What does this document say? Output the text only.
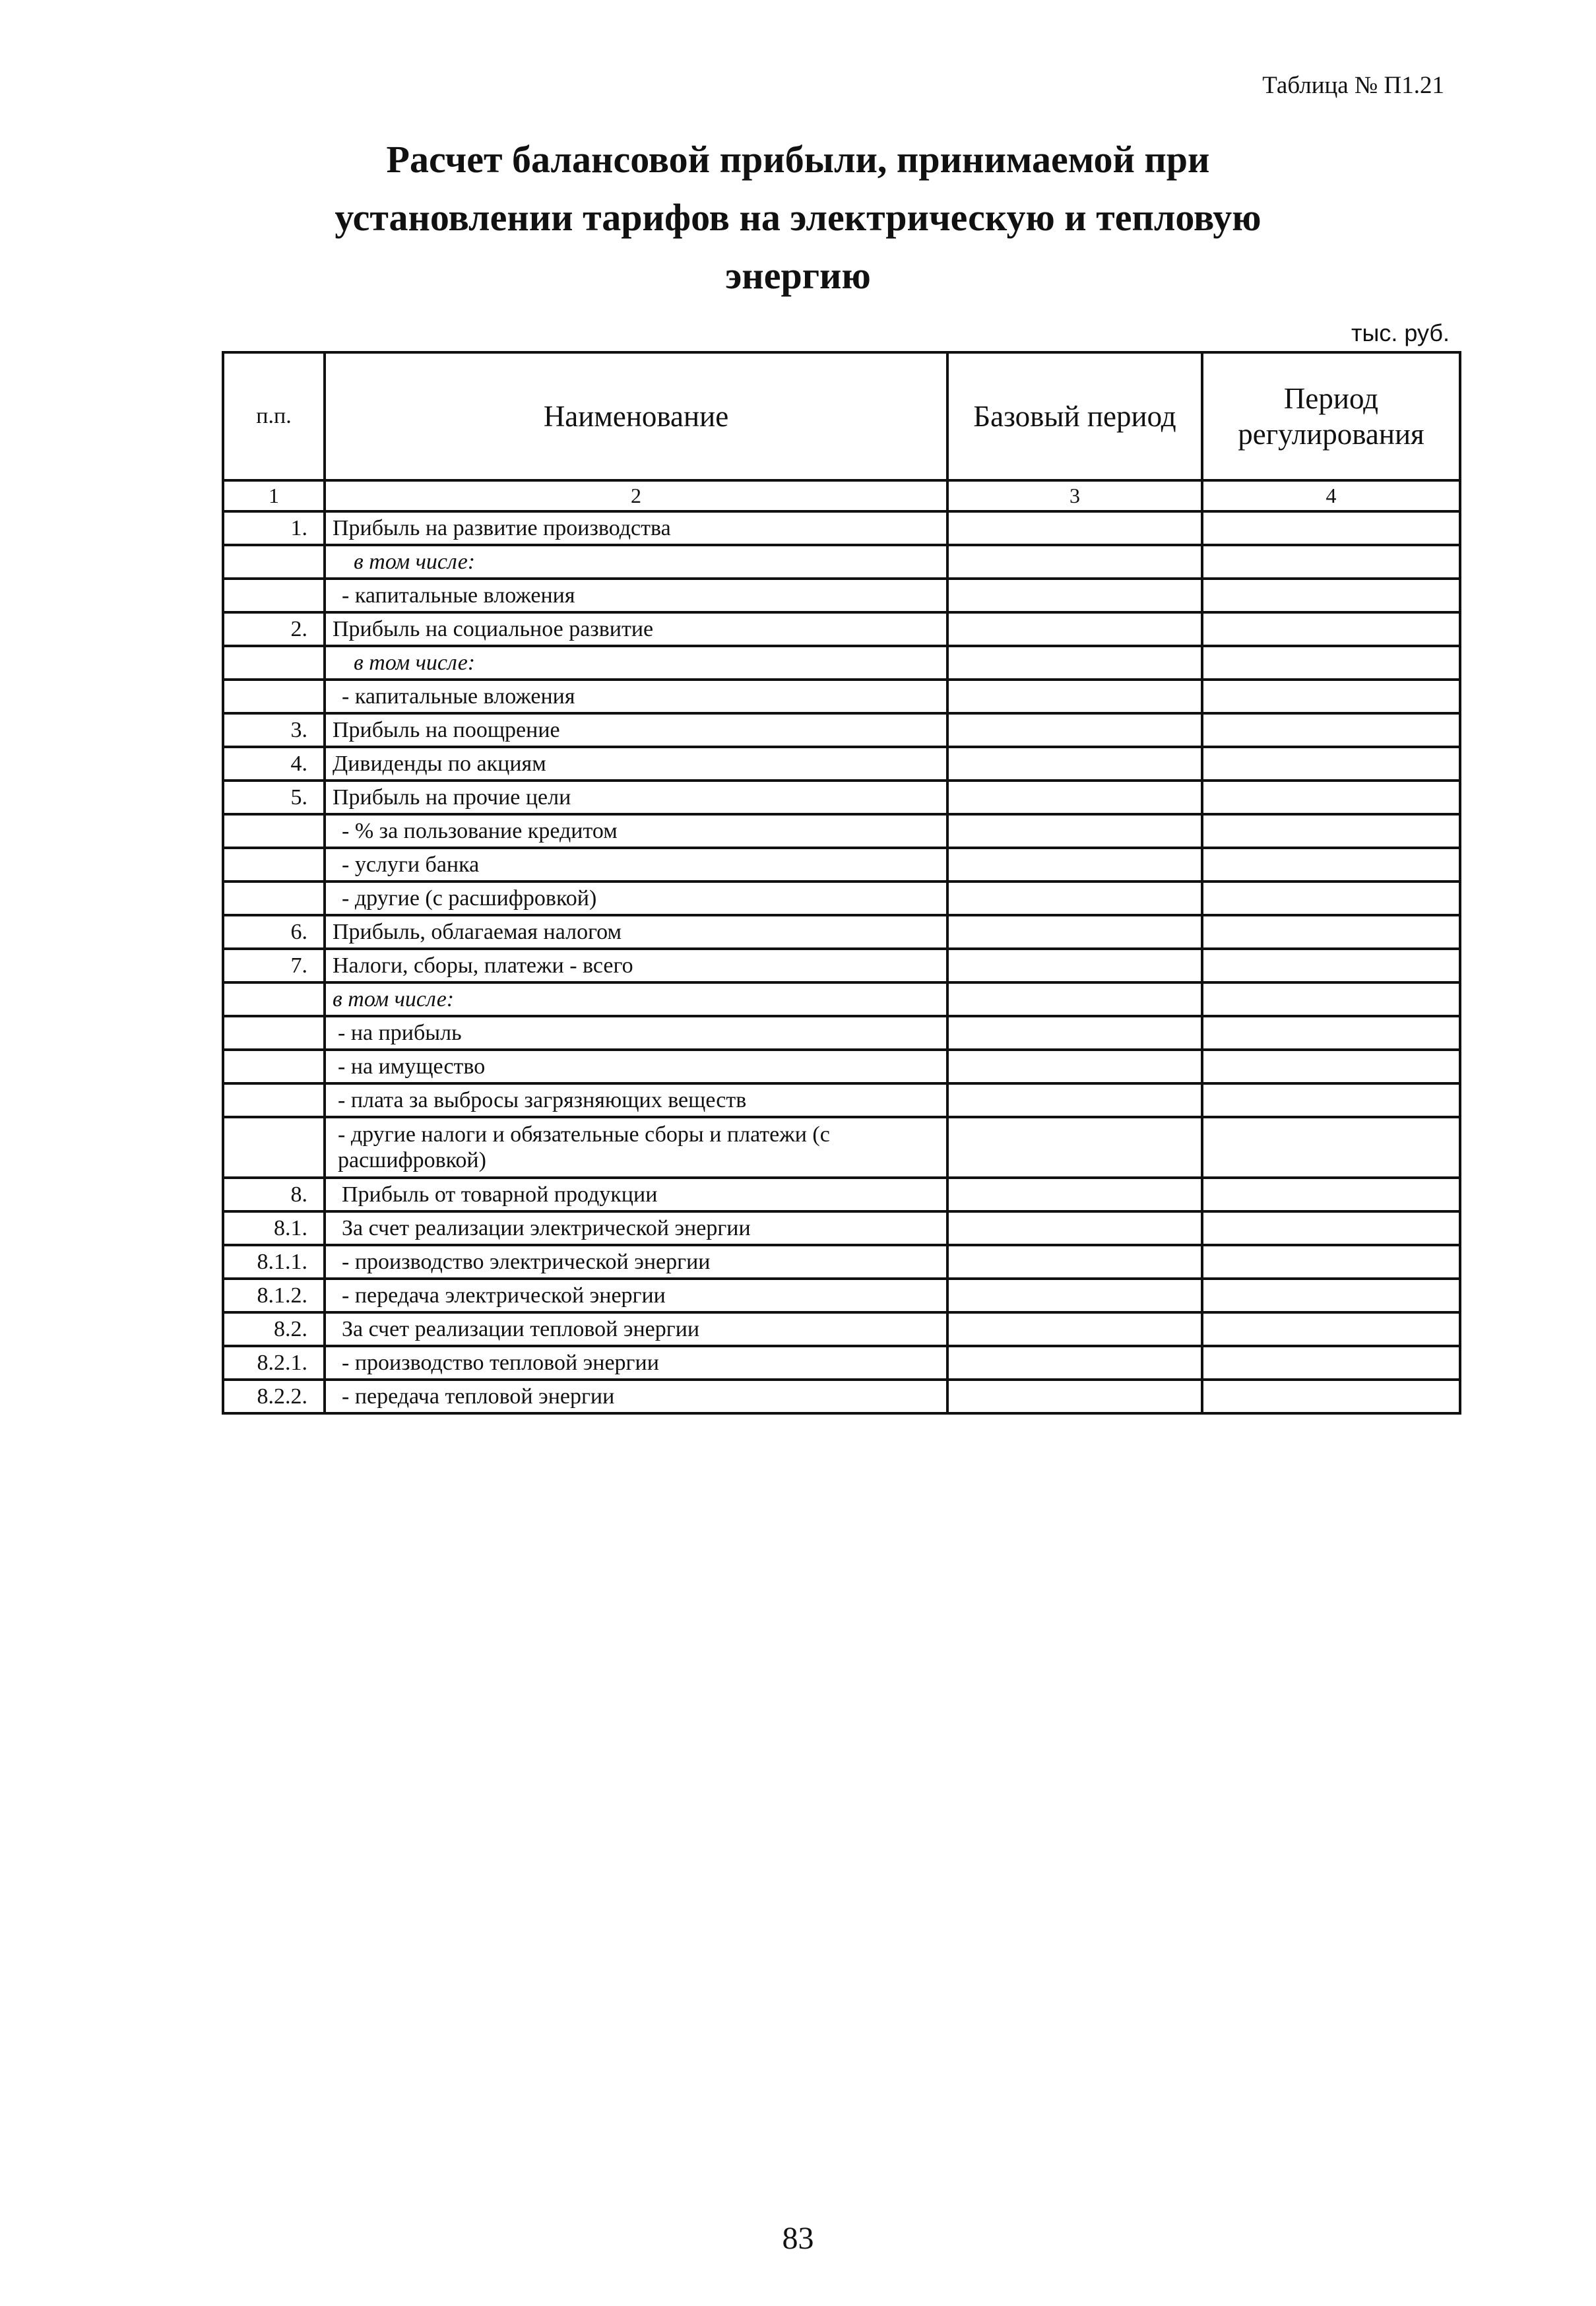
Таблица № П1.21
Расчет балансовой прибыли, принимаемой при
установлении тарифов на электрическую и тепловую
энергию
тыс. руб.
п.п.	Наименование	Базовый период	Период регулирования
1	2	3	4
1.	Прибыль на развитие производства		
	в том числе:		
	- капитальные вложения		
2.	Прибыль на социальное развитие		
	в том числе:		
	- капитальные вложения		
3.	Прибыль на поощрение		
4.	Дивиденды по акциям		
5.	Прибыль на прочие цели		
	- % за пользование кредитом		
	- услуги банка		
	- другие (с расшифровкой)		
6.	Прибыль, облагаемая налогом		
7.	Налоги, сборы, платежи - всего		
	в том числе:		
	- на прибыль		
	- на имущество		
	- плата за выбросы загрязняющих веществ		
	- другие налоги и обязательные сборы и платежи (с расшифровкой)		
8.	Прибыль от товарной продукции		
8.1.	За счет реализации электрической энергии		
8.1.1.	- производство электрической энергии		
8.1.2.	- передача электрической энергии		
8.2.	За счет реализации тепловой энергии		
8.2.1.	- производство тепловой энергии		
8.2.2.	- передача тепловой энергии		
83
